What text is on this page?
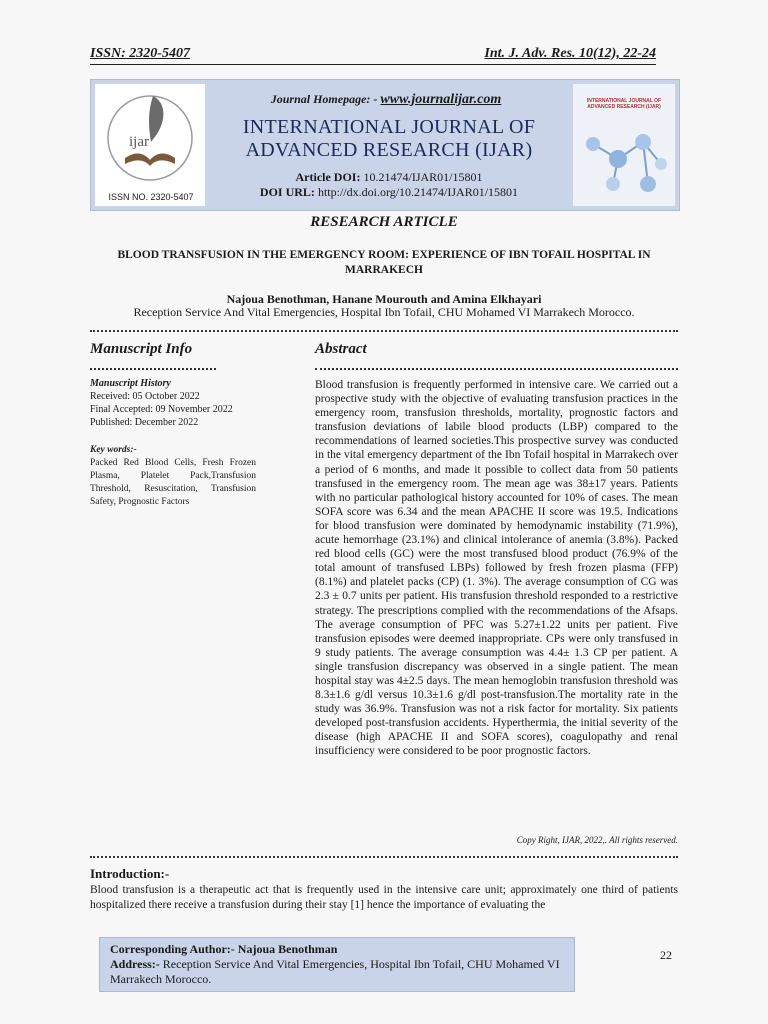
ISSN: 2320-5407	Int. J. Adv. Res. 10(12), 22-24
ijar
ISSN NO. 2320-5407
Journal Homepage: - www.journalijar.com
INTERNATIONAL JOURNAL OF
ADVANCED RESEARCH (IJAR)
Article DOI: 10.21474/IJAR01/15801
DOI URL: http://dx.doi.org/10.21474/IJAR01/15801
INTERNATIONAL JOURNAL OF ADVANCED RESEARCH (IJAR)
RESEARCH ARTICLE
BLOOD TRANSFUSION IN THE EMERGENCY ROOM: EXPERIENCE OF IBN TOFAIL HOSPITAL IN
MARRAKECH
Najoua Benothman, Hanane Mourouth and Amina Elkhayari
Reception Service And Vital Emergencies, Hospital Ibn Tofail, CHU Mohamed VI Marrakech Morocco.
Manuscript Info	Abstract
Manuscript History
Received: 05 October 2022
Final Accepted: 09 November 2022
Published: December 2022
Key words:-
Packed Red Blood Cells, Fresh Frozen Plasma, Platelet Pack,Transfusion Threshold, Resuscitation, Transfusion Safety, Prognostic Factors
Blood transfusion is frequently performed in intensive care. We carried out a prospective study with the objective of evaluating transfusion practices in the emergency room, transfusion thresholds, mortality, prognostic factors and transfusion deviations of labile blood products (LBP) compared to the recommendations of learned societies.This prospective survey was conducted in the vital emergency department of the Ibn Tofail hospital in Marrakech over a period of 6 months, and made it possible to collect data from 50 patients transfused in the emergency room. The mean age was 38±17 years. Patients with no particular pathological history accounted for 10% of cases. The mean SOFA score was 6.34 and the mean APACHE II score was 19.5. Indications for blood transfusion were dominated by hemodynamic instability (71.9%), acute hemorrhage (23.1%) and clinical intolerance of anemia (3.8%). Packed red blood cells (GC) were the most transfused blood product (76.9% of the total amount of transfused LBPs) followed by fresh frozen plasma (FFP) (8.1%) and platelet packs (CP) (1. 3%). The average consumption of CG was 2.3 ± 0.7 units per patient. His transfusion threshold responded to a restrictive strategy. The prescriptions complied with the recommendations of the Afsaps. The average consumption of PFC was 5.27±1.22 units per patient. Five transfusion episodes were deemed inappropriate. CPs were only transfused in 9 study patients. The average consumption was 4.4± 1.3 CP per patient. A single transfusion discrepancy was observed in a single patient. The mean hospital stay was 4±2.5 days. The mean hemoglobin transfusion threshold was 8.3±1.6 g/dl versus 10.3±1.6 g/dl post-transfusion.The mortality rate in the study was 36.9%. Transfusion was not a risk factor for mortality. Six patients developed post-transfusion accidents. Hyperthermia, the initial severity of the disease (high APACHE II and SOFA scores), coagulopathy and renal insufficiency were considered to be poor prognostic factors.
Copy Right, IJAR, 2022,. All rights reserved.
Introduction:-
Blood transfusion is a therapeutic act that is frequently used in the intensive care unit; approximately one third of patients hospitalized there receive a transfusion during their stay [1] hence the importance of evaluating the
Corresponding Author:- Najoua Benothman
Address:- Reception Service And Vital Emergencies, Hospital Ibn Tofail, CHU Mohamed VI Marrakech Morocco.
22
